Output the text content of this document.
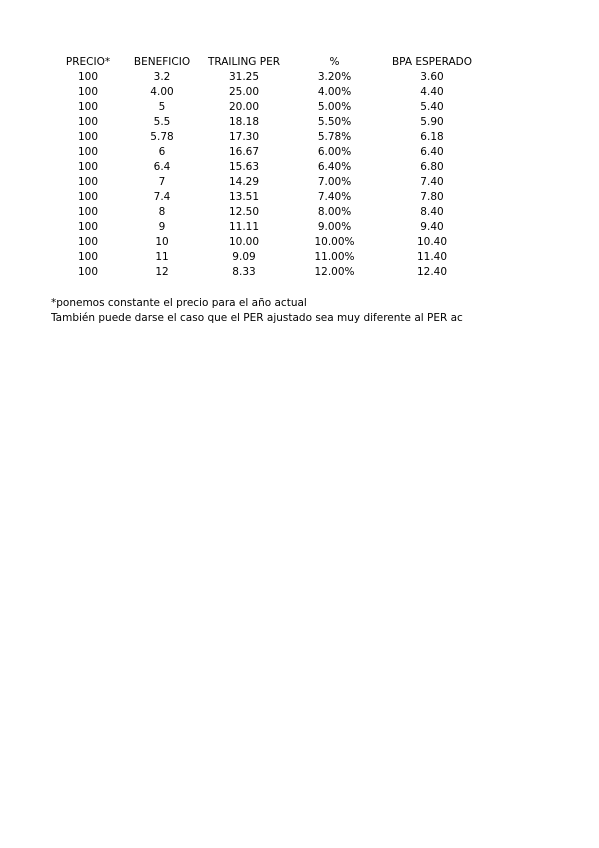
PRECIO*	BENEFICIO	TRAILING PER	%	BPA ESPERADO
100	3.2	31.25	3.20%	3.60
100	4.00	25.00	4.00%	4.40
100	5	20.00	5.00%	5.40
100	5.5	18.18	5.50%	5.90
100	5.78	17.30	5.78%	6.18
100	6	16.67	6.00%	6.40
100	6.4	15.63	6.40%	6.80
100	7	14.29	7.00%	7.40
100	7.4	13.51	7.40%	7.80
100	8	12.50	8.00%	8.40
100	9	11.11	9.00%	9.40
100	10	10.00	10.00%	10.40
100	11	9.09	11.00%	11.40
100	12	8.33	12.00%	12.40
*ponemos constante el precio para el año actual
También puede darse el caso que el PER ajustado sea muy diferente al PER ac
